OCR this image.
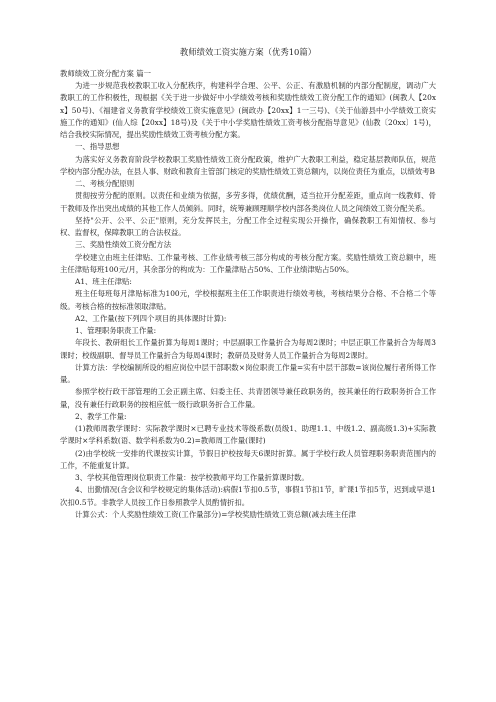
教师绩效工资实施方案（优秀10篇）
教师绩效工资分配方案 篇一

为进一步规范我校教职工收入分配秩序，构建科学合理、公平、公正、有激励机制的内部分配制度，调动广大教职工的工作积极性，现根据《关于进一步做好中小学绩效考核和奖励性绩效工资分配工作的通知》(闽教人【20xx】50号)、《福建省义务教育学校绩效工资实施意见》(闽政办【20xx】1一三号)、《关于仙游县中小学绩效工资实施工作的通知》(仙人综【20xx】18号)及《关于中小学奖励性绩效工资考核分配指导意见》(仙教〔20xx〕1号)，结合我校实际情况，提出奖励性绩效工资考核分配方案。

一、指导思想

为落实好义务教育阶段学校教职工奖励性绩效工资分配政策，维护广大教职工利益，稳定基层教师队伍，规范学校内部分配办法，在县人事、财政和教育主管部门核定的奖励性绩效工资总额内，以岗位责任为重点，以绩效考B

二、考核分配原则

贯彻按劳分配的原则。以责任和业绩为依据，多劳多得，优绩优酬，适当拉开分配差距，重点向一线教师、骨干教师及作出突出成绩的其他工作人员倾斜。同时，统筹兼顾理顺学校内部各类岗位人员之间绩效工资分配关系。

坚持"公开、公平、公正"原则，充分发挥民主，分配工作全过程实现公开操作，确保教职工有知情权、参与权、监督权，保障教职工的合法权益。

三、奖励性绩效工资分配方法

学校建立由班主任津贴、工作量考核、工作业绩考核三部分构成的考核分配方案。奖励性绩效工资总额中，班主任津贴每班100元/月，其余部分的构成为：工作量津贴占50%、工作业绩津贴占50%。

A1、班主任津贴:

班主任每班每月津贴标准为100元，学校根据班主任工作职责进行绩效考核，考核结果分合格、不合格二个等级。考核合格的按标准领取津贴。

A2、工作量(按下列四个项目的具体课时计算):

1、管理职务职责工作量:

年段长、教研组长工作量折算为每周1课时；中层副职工作量折合为每周2课时；中层正职工作量折合为每周3课时；校级副职、督导员工作量折合为每周4课时；教研员及财务人员工作量折合为每周2课时。

计算方法：学校编制所设的相应岗位中层干部职数×岗位职责工作量=实有中层干部数=该岗位履行者所得工作量。

参照学校行政干部管理的工会正副主席、妇委主任、共青团领导兼任政职务的，按其兼任的行政职务折合工作量，没有兼任行政职务的按相应低一级行政职务折合工作量。

2、教学工作量:

(1)教师周教学课时：实际教学课时×已聘专业技术等级系数(员级1、助理1.1、中级1.2、副高级1.3)+实际教学课时×学科系数(语、数学科系数为0.2)=教师周工作量(课时)

(2)由学校统一安排的代课按实计算，节假日护校按每天6课时折算。属于学校行政人员管理职务职责范围内的工作，不能重复计算。

3、学校其他管理岗位职责工作量：按学校教师平均工作量折算课时数。

4、出勤情况(含会议和学校规定的集体活动):病假1节扣0.5节，事假1节扣1节，旷课1节扣5节，迟到或早退1次扣0.5节。非教学人员按工作日参照教学人员酌情折扣。

计算公式：个人奖励性绩效工资(工作量部分)=学校奖励性绩效工资总额(减去班主任津
